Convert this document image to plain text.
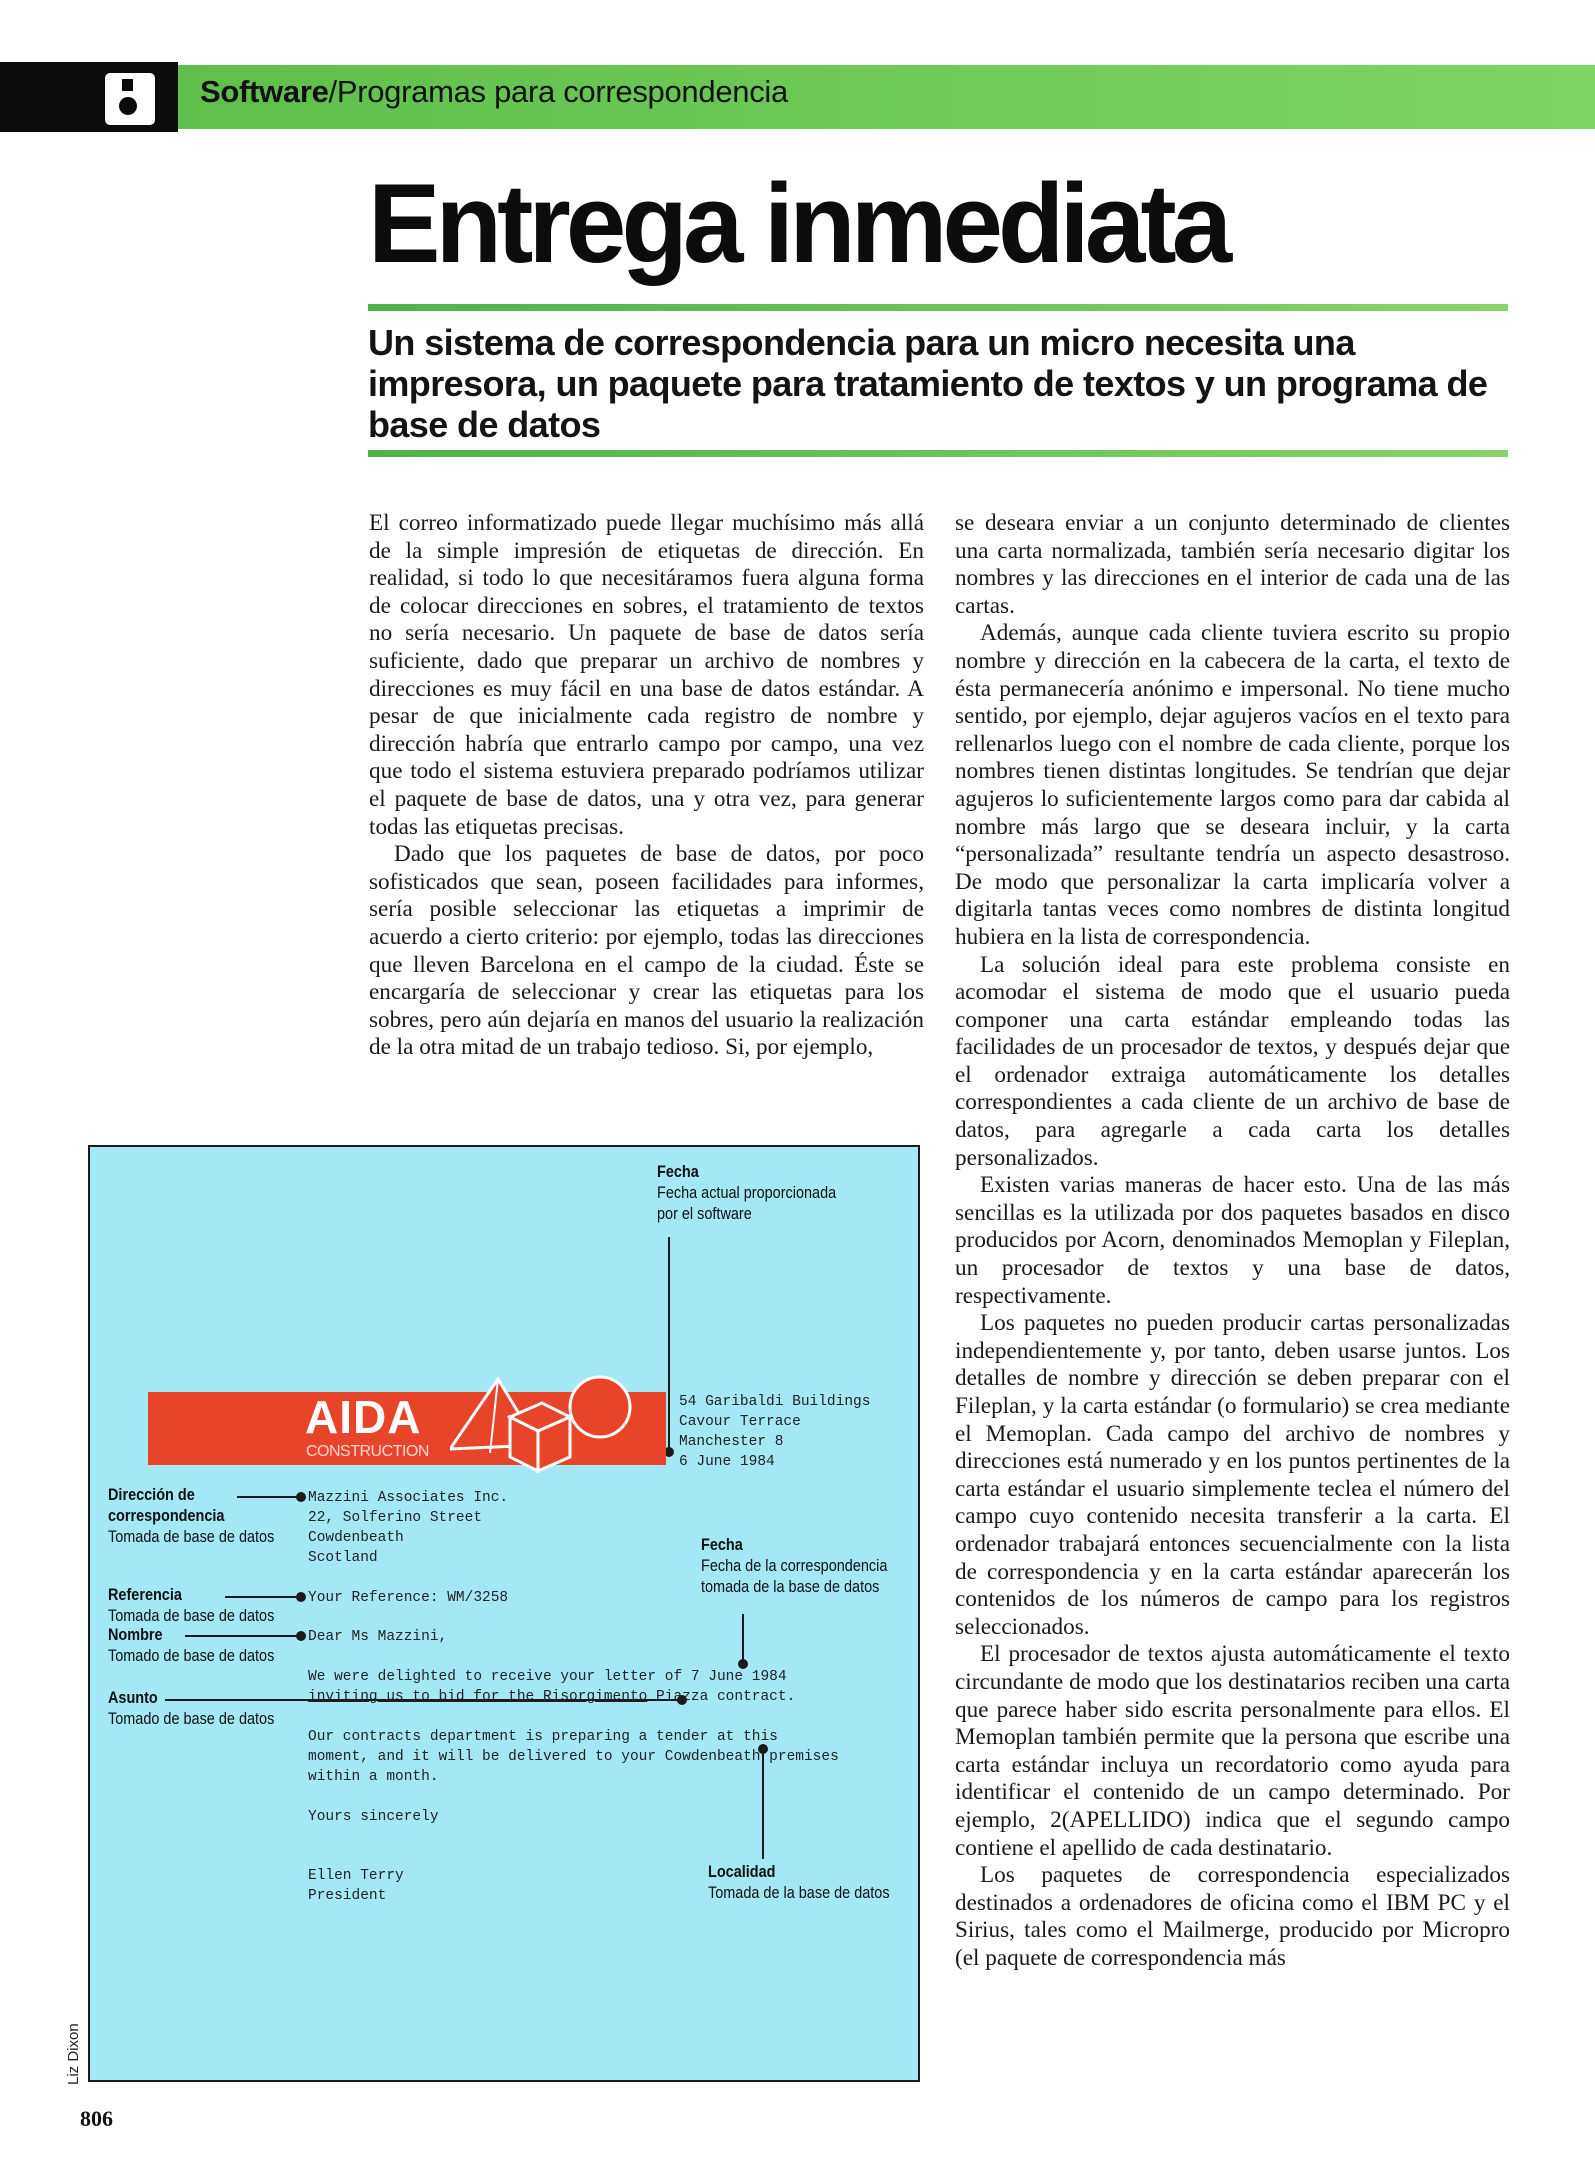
Software/Programas para correspondencia
Entrega inmediata
Un sistema de correspondencia para un micro necesita una impresora, un paquete para tratamiento de textos y un programa de base de datos

El correo informatizado puede llegar muchísimo más allá de la simple impresión de etiquetas de dirección. En realidad, si todo lo que necesitáramos fuera alguna forma de colocar direcciones en sobres, el tratamiento de textos no sería necesario. Un paquete de base de datos sería suficiente, dado que preparar un archivo de nombres y direcciones es muy fácil en una base de datos estándar. A pesar de que inicialmente cada registro de nombre y dirección habría que entrarlo campo por campo, una vez que todo el sistema estuviera preparado podríamos utilizar el paquete de base de datos, una y otra vez, para generar todas las etiquetas precisas.

Dado que los paquetes de base de datos, por poco sofisticados que sean, poseen facilidades para informes, sería posible seleccionar las etiquetas a imprimir de acuerdo a cierto criterio: por ejemplo, todas las direcciones que lleven Barcelona en el campo de la ciudad. Éste se encargaría de seleccionar y crear las etiquetas para los sobres, pero aún dejaría en manos del usuario la realización de la otra mitad de un trabajo tedioso. Si, por ejemplo,

se deseara enviar a un conjunto determinado de clientes una carta normalizada, también sería necesario digitar los nombres y las direcciones en el interior de cada una de las cartas.

Además, aunque cada cliente tuviera escrito su propio nombre y dirección en la cabecera de la carta, el texto de ésta permanecería anónimo e impersonal. No tiene mucho sentido, por ejemplo, dejar agujeros vacíos en el texto para rellenarlos luego con el nombre de cada cliente, porque los nombres tienen distintas longitudes. Se tendrían que dejar agujeros lo suficientemente largos como para dar cabida al nombre más largo que se deseara incluir, y la carta “personalizada” resultante tendría un aspecto desastroso. De modo que personalizar la carta implicaría volver a digitarla tantas veces como nombres de distinta longitud hubiera en la lista de correspondencia.

La solución ideal para este problema consiste en acomodar el sistema de modo que el usuario pueda componer una carta estándar empleando todas las facilidades de un procesador de textos, y después dejar que el ordenador extraiga automáticamente los detalles correspondientes a cada cliente de un archivo de base de datos, para agregarle a cada carta los detalles personalizados.

Existen varias maneras de hacer esto. Una de las más sencillas es la utilizada por dos paquetes basados en disco producidos por Acorn, denominados Memoplan y Fileplan, un procesador de textos y una base de datos, respectivamente.

Los paquetes no pueden producir cartas personalizadas independientemente y, por tanto, deben usarse juntos. Los detalles de nombre y dirección se deben preparar con el Fileplan, y la carta estándar (o formulario) se crea mediante el Memoplan. Cada campo del archivo de nombres y direcciones está numerado y en los puntos pertinentes de la carta estándar el usuario simplemente teclea el número del campo cuyo contenido necesita transferir a la carta. El ordenador trabajará entonces secuencialmente con la lista de correspondencia y en la carta estándar aparecerán los contenidos de los números de campo para los registros seleccionados.

El procesador de textos ajusta automáticamente el texto circundante de modo que los destinatarios reciben una carta que parece haber sido escrita personalmente para ellos. El Memoplan también permite que la persona que escribe una carta estándar incluya un recordatorio como ayuda para identificar el contenido de un campo determinado. Por ejemplo, 2(APELLIDO) indica que el segundo campo contiene el apellido de cada destinatario.

Los paquetes de correspondencia especializados destinados a ordenadores de oficina como el IBM PC y el Sirius, tales como el Mailmerge, producido por Micropro (el paquete de correspondencia más

AIDA
CONSTRUCTION
Fecha
Fecha actual proporcionada
por el software
Dirección de
correspondencia
Tomada de base de datos
Referencia
Tomada de base de datos
Nombre
Tomado de base de datos
Asunto
Tomado de base de datos
Fecha
Fecha de la correspondencia
tomada de la base de datos
Localidad
Tomada de la base de datos
54 Garibaldi Buildings
Cavour Terrace
Manchester 8
6 June 1984
Mazzini Associates Inc.
22, Solferino Street
Cowdenbeath
Scotland
Your Reference: WM/3258
Dear Ms Mazzini,
We were delighted to receive your letter of 7 June 1984
inviting us to bid for the Risorgimento Piazza contract.
Our contracts department is preparing a tender at this
moment, and it will be delivered to your Cowdenbeath premises
within a month.
Yours sincerely
Ellen Terry
President
Liz Dixon
806
